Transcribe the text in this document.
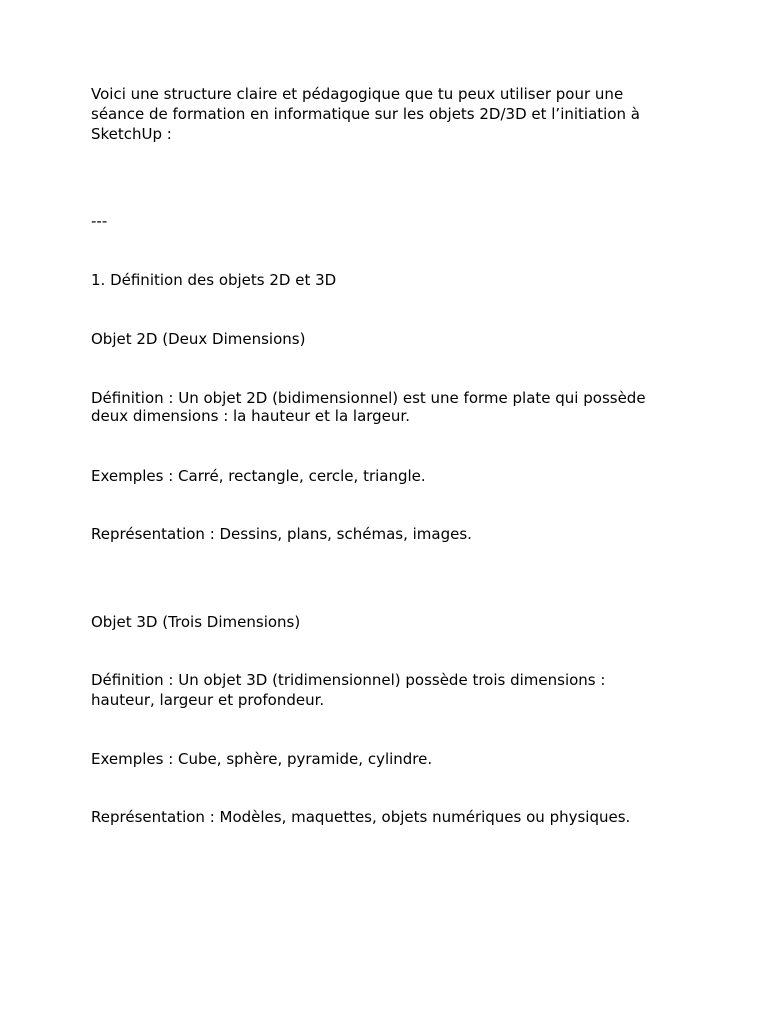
Voici une structure claire et pédagogique que tu peux utiliser pour une
séance de formation en informatique sur les objets 2D/3D et l’initiation à
SketchUp :
---
1. Définition des objets 2D et 3D
Objet 2D (Deux Dimensions)
Définition : Un objet 2D (bidimensionnel) est une forme plate qui possède
deux dimensions : la hauteur et la largeur.
Exemples : Carré, rectangle, cercle, triangle.
Représentation : Dessins, plans, schémas, images.
Objet 3D (Trois Dimensions)
Définition : Un objet 3D (tridimensionnel) possède trois dimensions :
hauteur, largeur et profondeur.
Exemples : Cube, sphère, pyramide, cylindre.
Représentation : Modèles, maquettes, objets numériques ou physiques.
